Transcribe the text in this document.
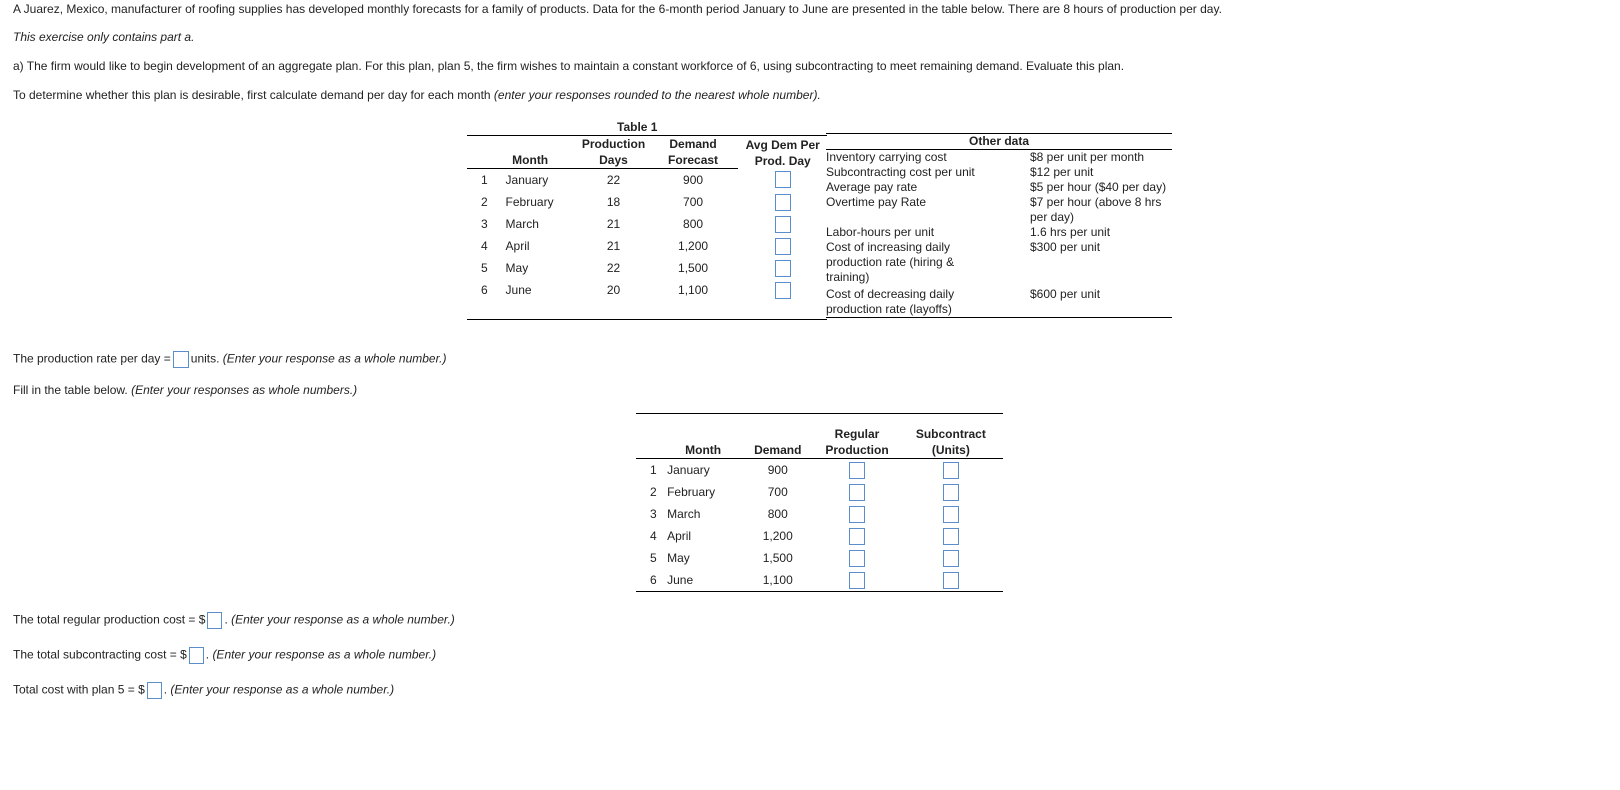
A Juarez, Mexico, manufacturer of roofing supplies has developed monthly forecasts for a family of products. Data for the 6-month period January to June are presented in the table below. There are 8 hours of production per day.
This exercise only contains part a.
a) The firm would like to begin development of an aggregate plan. For this plan, plan 5, the firm wishes to maintain a constant workforce of 6, using subcontracting to meet remaining demand. Evaluate this plan.
To determine whether this plan is desirable, first calculate demand per day for each month (enter your responses rounded to the nearest whole number).
Table 1
Month		Production Days	Demand Forecast	Avg Dem Per Prod. Day
1	January	22	900	
2	February	18	700	
3	March	21	800	
4	April	21	1,200	
5	May	22	1,500	
6	June	20	1,100	

Other data	
Inventory carrying cost	$8 per unit per month
Subcontracting cost per unit	$12 per unit
Average pay rate	$5 per hour ($40 per day)
Overtime pay Rate	$7 per hour (above 8 hrs per day)
Labor-hours per unit	1.6 hrs per unit
Cost of increasing daily production rate (hiring & training)	$300 per unit
Cost of decreasing daily production rate (layoffs)	$600 per unit
The production rate per day = units. (Enter your response as a whole number.)
Fill in the table below. (Enter your responses as whole numbers.)
Month		Demand	Regular Production	Subcontract (Units)
1	January	900		
2	February	700		
3	March	800		
4	April	1,200		
5	May	1,500		
6	June	1,100		
The total regular production cost = $ . (Enter your response as a whole number.)
The total subcontracting cost = $ . (Enter your response as a whole number.)
Total cost with plan 5 = $ . (Enter your response as a whole number.)
